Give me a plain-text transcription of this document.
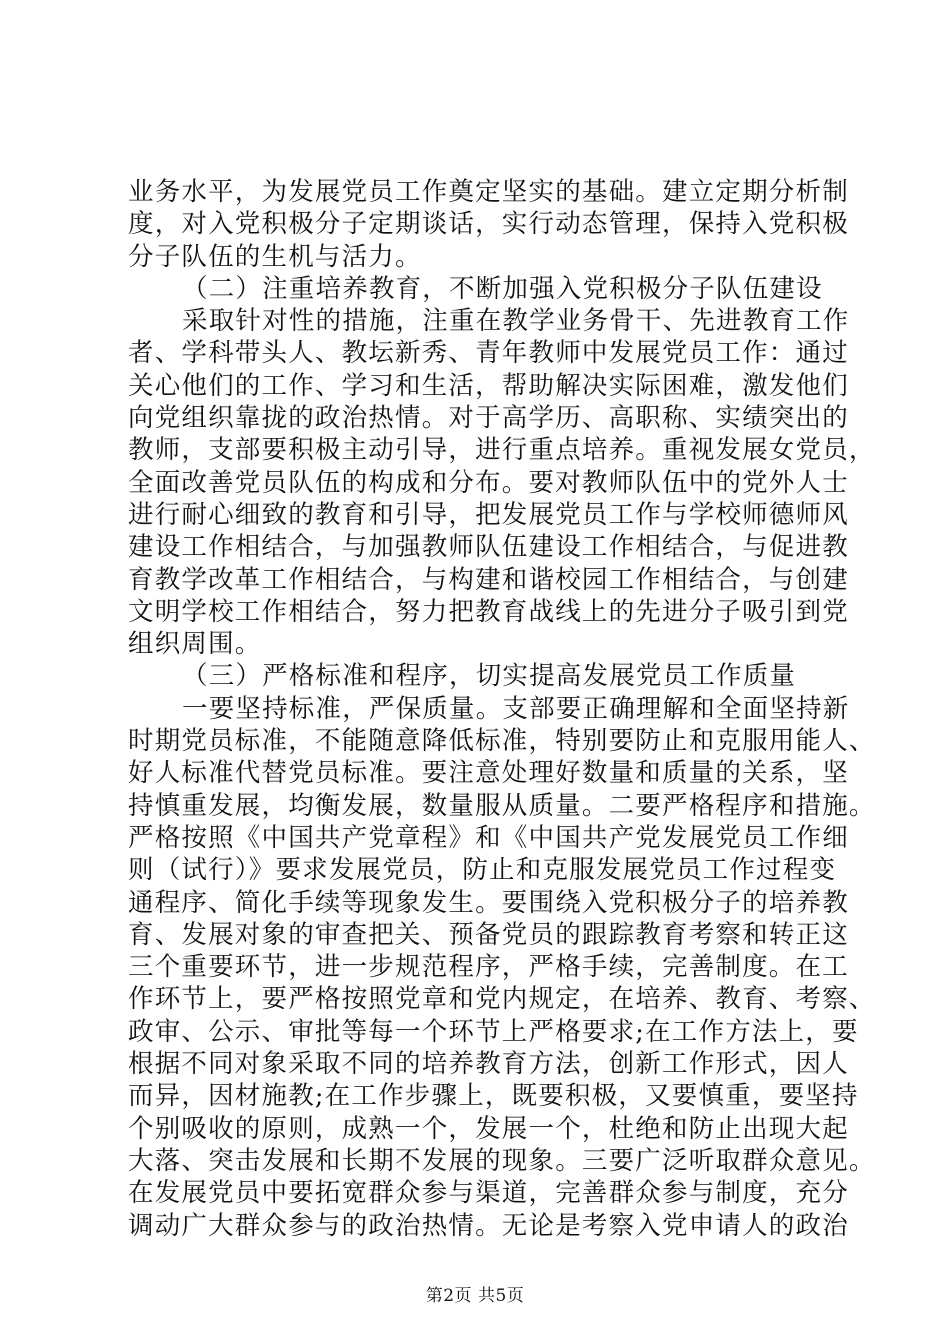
业务水平，为发展党员工作奠定坚实的基础。建立定期分析制
度，对入党积极分子定期谈话，实行动态管理，保持入党积极
分子队伍的生机与活力。
（二）注重培养教育，不断加强入党积极分子队伍建设
采取针对性的措施，注重在教学业务骨干、先进教育工作
者、学科带头人、教坛新秀、青年教师中发展党员工作：通过
关心他们的工作、学习和生活，帮助解决实际困难，激发他们
向党组织靠拢的政治热情。对于高学历、高职称、实绩突出的
教师，支部要积极主动引导，进行重点培养。重视发展女党员，
全面改善党员队伍的构成和分布。要对教师队伍中的党外人士
进行耐心细致的教育和引导，把发展党员工作与学校师德师风
建设工作相结合，与加强教师队伍建设工作相结合，与促进教
育教学改革工作相结合，与构建和谐校园工作相结合，与创建
文明学校工作相结合，努力把教育战线上的先进分子吸引到党
组织周围。
（三）严格标准和程序，切实提高发展党员工作质量
一要坚持标准，严保质量。支部要正确理解和全面坚持新
时期党员标准，不能随意降低标准，特别要防止和克服用能人、
好人标准代替党员标准。要注意处理好数量和质量的关系，坚
持慎重发展，均衡发展，数量服从质量。二要严格程序和措施。
严格按照《中国共产党章程》和《中国共产党发展党员工作细
则（试行）》要求发展党员，防止和克服发展党员工作过程变
通程序、简化手续等现象发生。要围绕入党积极分子的培养教
育、发展对象的审查把关、预备党员的跟踪教育考察和转正这
三个重要环节，进一步规范程序，严格手续，完善制度。在工
作环节上，要严格按照党章和党内规定，在培养、教育、考察、
政审、公示、审批等每一个环节上严格要求;在工作方法上，要
根据不同对象采取不同的培养教育方法，创新工作形式，因人
而异，因材施教;在工作步骤上，既要积极，又要慎重，要坚持
个别吸收的原则，成熟一个，发展一个，杜绝和防止出现大起
大落、突击发展和长期不发展的现象。三要广泛听取群众意见。
在发展党员中要拓宽群众参与渠道，完善群众参与制度，充分
调动广大群众参与的政治热情。无论是考察入党申请人的政治
第2页 共5页
